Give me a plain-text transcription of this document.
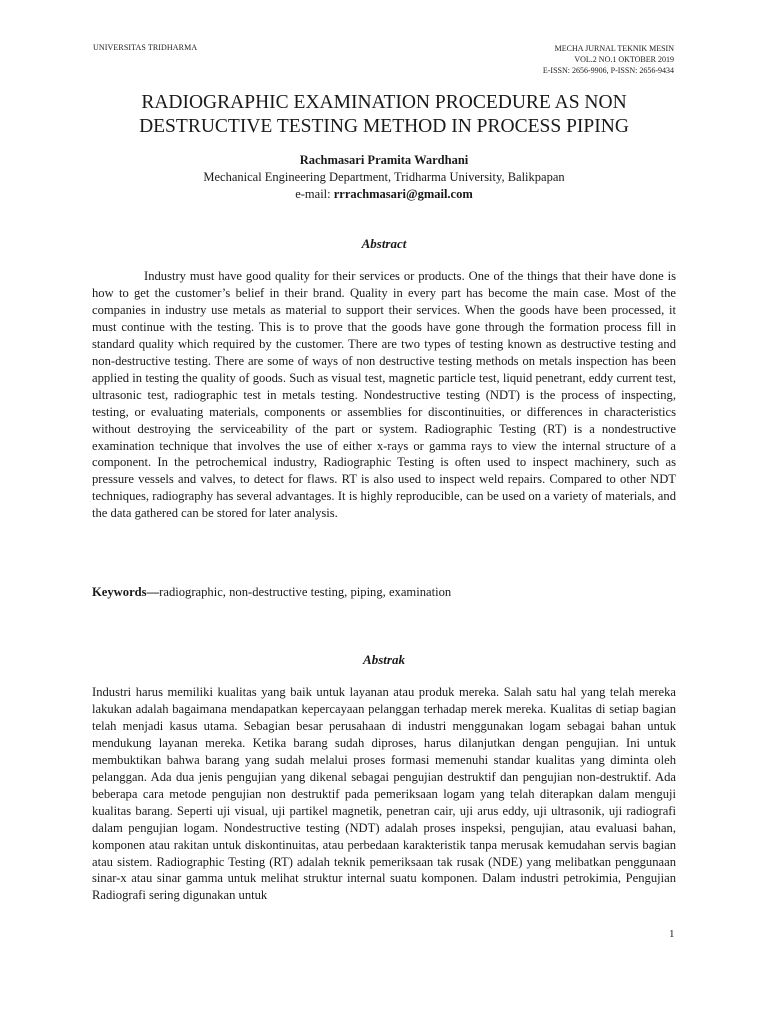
UNIVERSITAS TRIDHARMA	MECHA JURNAL TEKNIK MESIN
VOL.2 NO.1 OKTOBER 2019
E-ISSN: 2656-9906, P-ISSN: 2656-9434
RADIOGRAPHIC EXAMINATION PROCEDURE AS NON
DESTRUCTIVE TESTING METHOD IN PROCESS PIPING
Rachmasari Pramita Wardhani
Mechanical Engineering Department, Tridharma University, Balikpapan
e-mail: rrrachmasari@gmail.com
Abstract

Industry must have good quality for their services or products. One of the things that their have done is how to get the customer’s belief in their brand. Quality in every part has become the main case. Most of the companies in industry use metals as material to support their services. When the goods have been processed, it must continue with the testing. This is to prove that the goods have gone through the formation process fill in standard quality which required by the customer. There are two types of testing known as destructive testing and non-destructive testing. There are some of ways of non destructive testing methods on metals inspection has been applied in testing the quality of goods. Such as visual test, magnetic particle test, liquid penetrant, eddy current test, ultrasonic test, radiographic test in metals testing. Nondestructive testing (NDT) is the process of inspecting, testing, or evaluating materials, components or assemblies for discontinuities, or differences in characteristics without destroying the serviceability of the part or system. Radiographic Testing (RT) is a nondestructive examination technique that involves the use of either x-rays or gamma rays to view the internal structure of a component. In the petrochemical industry, Radiographic Testing is often used to inspect machinery, such as pressure vessels and valves, to detect for flaws. RT is also used to inspect weld repairs. Compared to other NDT techniques, radiography has several advantages. It is highly reproducible, can be used on a variety of materials, and the data gathered can be stored for later analysis.

Keywords—radiographic, non-destructive testing, piping, examination

Abstrak

Industri harus memiliki kualitas yang baik untuk layanan atau produk mereka. Salah satu hal yang telah mereka lakukan adalah bagaimana mendapatkan kepercayaan pelanggan terhadap merek mereka. Kualitas di setiap bagian telah menjadi kasus utama. Sebagian besar perusahaan di industri menggunakan logam sebagai bahan untuk mendukung layanan mereka. Ketika barang sudah diproses, harus dilanjutkan dengan pengujian. Ini untuk membuktikan bahwa barang yang sudah melalui proses formasi memenuhi standar kualitas yang diminta oleh pelanggan. Ada dua jenis pengujian yang dikenal sebagai pengujian destruktif dan pengujian non-destruktif. Ada beberapa cara metode pengujian non destruktif pada pemeriksaan logam yang telah diterapkan dalam menguji kualitas barang. Seperti uji visual, uji partikel magnetik, penetran cair, uji arus eddy, uji ultrasonik, uji radiografi dalam pengujian logam. Nondestructive testing (NDT) adalah proses inspeksi, pengujian, atau evaluasi bahan, komponen atau rakitan untuk diskontinuitas, atau perbedaan karakteristik tanpa merusak kemudahan servis bagian atau sistem. Radiographic Testing (RT) adalah teknik pemeriksaan tak rusak (NDE) yang melibatkan penggunaan sinar-x atau sinar gamma untuk melihat struktur internal suatu komponen. Dalam industri petrokimia, Pengujian Radiografi sering digunakan untuk

1
